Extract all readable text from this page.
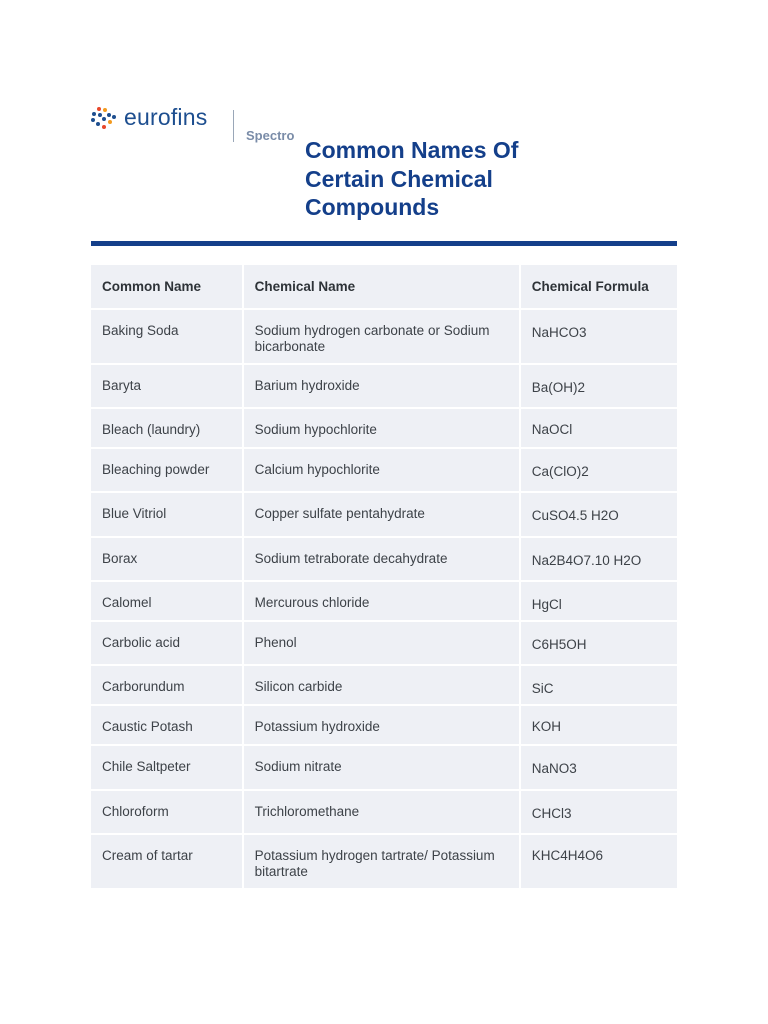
eurofins
Spectro
Common Names Of Certain Chemical Compounds
Common Name	Chemical Name	Chemical Formula
Baking Soda	Sodium hydrogen carbonate or Sodium bicarbonate	NaHCO3
Baryta	Barium hydroxide	Ba(OH)2
Bleach (laundry)	Sodium hypochlorite	NaOCl
Bleaching powder	Calcium hypochlorite	Ca(ClO)2
Blue Vitriol	Copper sulfate pentahydrate	CuSO4.5 H2O
Borax	Sodium tetraborate decahydrate	Na2B4O7.10 H2O
Calomel	Mercurous chloride	HgCl
Carbolic acid	Phenol	C6H5OH
Carborundum	Silicon carbide	SiC
Caustic Potash	Potassium hydroxide	KOH
Chile Saltpeter	Sodium nitrate	NaNO3
Chloroform	Trichloromethane	CHCl3
Cream of tartar	Potassium hydrogen tartrate/ Potassium bitartrate	KHC4H4O6
